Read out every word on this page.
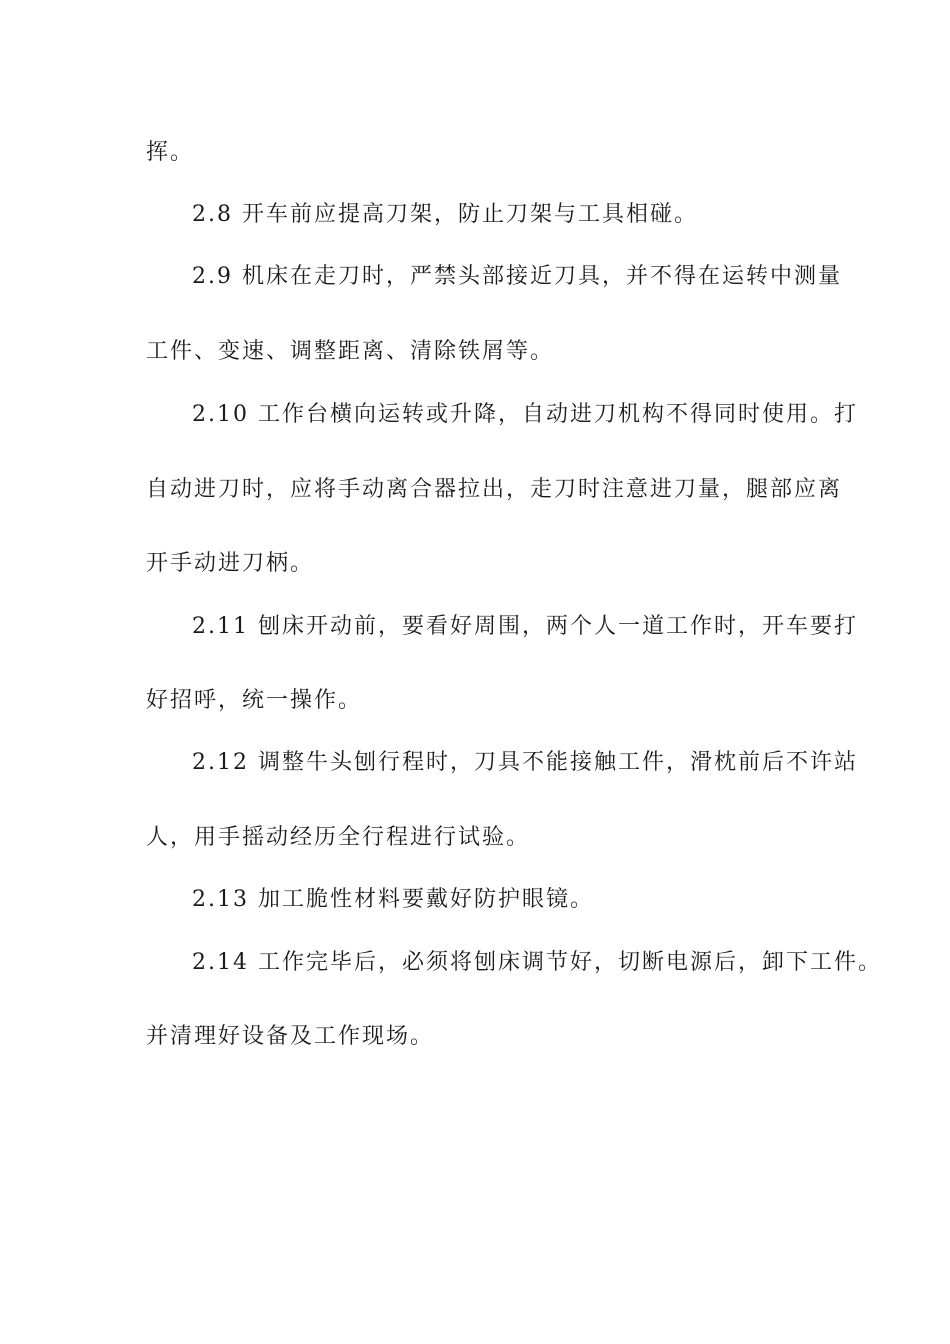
挥。
2.8 开车前应提高刀架，防止刀架与工具相碰。
2.9 机床在走刀时，严禁头部接近刀具，并不得在运转中测量
工件、变速、调整距离、清除铁屑等。
2.10 工作台横向运转或升降，自动进刀机构不得同时使用。打
自动进刀时，应将手动离合器拉出，走刀时注意进刀量，腿部应离
开手动进刀柄。
2.11 刨床开动前，要看好周围，两个人一道工作时，开车要打
好招呼，统一操作。
2.12 调整牛头刨行程时，刀具不能接触工件，滑枕前后不许站
人，用手摇动经历全行程进行试验。
2.13 加工脆性材料要戴好防护眼镜。
2.14 工作完毕后，必须将刨床调节好，切断电源后，卸下工件。
并清理好设备及工作现场。
